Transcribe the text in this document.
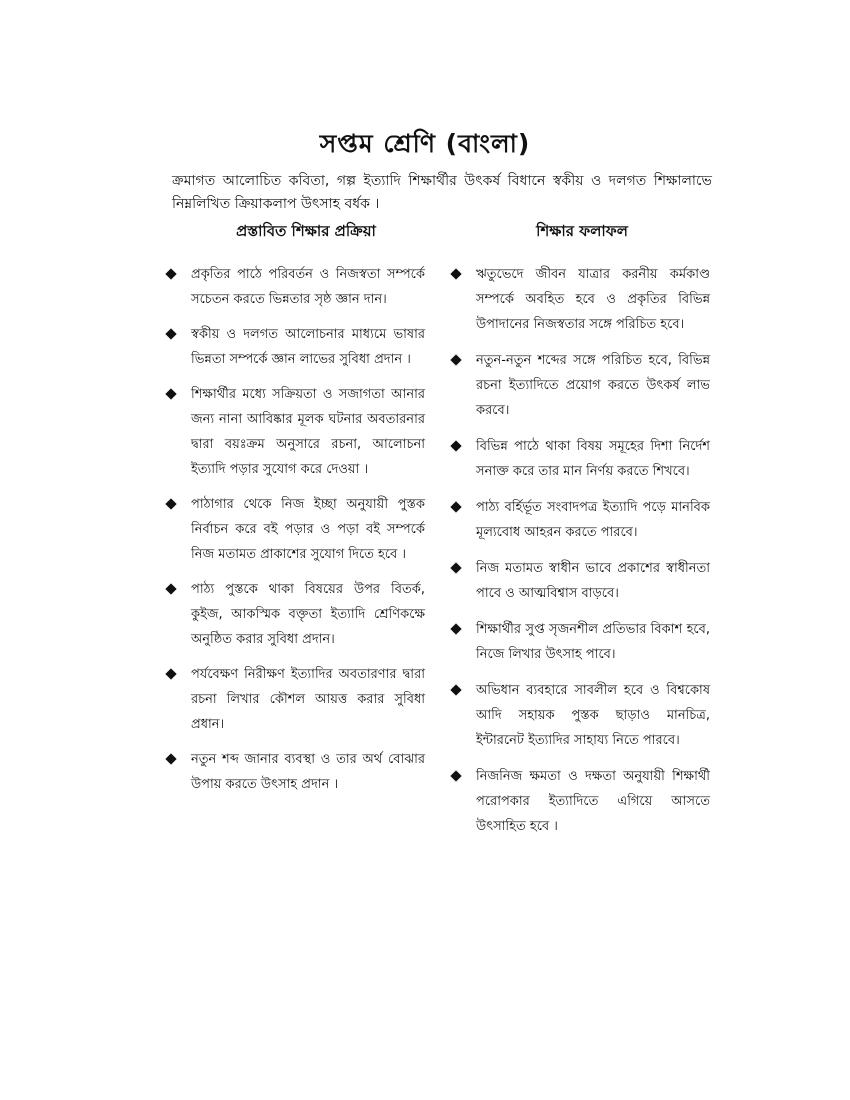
সপ্তম শ্রেণি (বাংলা)
ক্রমাগত আলোচিত কবিতা, গল্প ইত্যাদি শিক্ষার্থীর উৎকর্ষ বিধানে স্বকীয় ও দলগত শিক্ষালাভে নিম্নলিখিত ক্রিয়াকলাপ উৎসাহ বর্ধক ।
প্রস্তাবিত শিক্ষার প্রক্রিয়া	শিক্ষার ফলাফল
প্রকৃতির পাঠে পরিবর্তন ও নিজস্বতা সম্পর্কে সচেতন করতে ভিন্নতার সৃষ্ঠ জ্ঞান দান।
স্বকীয় ও দলগত আলোচনার মাধ্যমে ভাষার ভিন্নতা সম্পর্কে জ্ঞান লাভের সুবিধা প্রদান ।
শিক্ষার্থীর মধ্যে সক্রিয়তা ও সজাগতা আনার জন্য নানা আবিষ্কার মূলক ঘটনার অবতারনার দ্বারা বয়ঃক্রম অনুসারে রচনা, আলোচনা ইত্যাদি পড়ার সুযোগ করে দেওয়া ।
পাঠাগার থেকে নিজ ইচ্ছা অনুযায়ী পুস্তক নির্বাচন করে বই পড়ার ও পড়া বই সম্পর্কে নিজ মতামত প্রাকাশের সুযোগ দিতে হবে ।
পাঠ্য পুস্তকে থাকা বিষয়ের উপর বিতর্ক, কুইজ, আকস্মিক বক্তৃতা ইত্যাদি শ্রেণিকক্ষে অনুষ্ঠিত করার সুবিধা প্রদান।
পর্যবেক্ষণ নিরীক্ষণ ইত্যাদির অবতারণার দ্বারা রচনা লিখার কৌশল আয়ত্ত করার সুবিধা প্রধান।
নতুন শব্দ জানার ব্যবস্থা ও তার অর্থ বোঝার উপায় করতে উৎসাহ প্রদান ।
ঋতুভেদে জীবন যাত্রার করনীয় কর্মকাণ্ড সম্পর্কে অবহিত হবে ও প্রকৃতির বিভিন্ন উপাদানের নিজস্বতার সঙ্গে পরিচিত হবে।
নতুন-নতুন শব্দের সঙ্গে পরিচিত হবে, বিভিন্ন রচনা ইত্যাদিতে প্রয়োগ করতে উৎকর্ষ লাভ করবে।
বিভিন্ন পাঠে থাকা বিষয় সমূহের দিশা নির্দেশ সনাক্ত করে তার মান নির্ণয় করতে শিখবে।
পাঠ্য বর্হির্ভূত সংবাদপত্র ইত্যাদি পড়ে মানবিক মূল্যবোধ আহরন করতে পারবে।
নিজ মতামত স্বাধীন ভাবে প্রকাশের স্বাধীনতা পাবে ও আত্মবিশ্বাস বাড়বে।
শিক্ষার্থীর সুপ্ত সৃজনশীল প্রতিভার বিকাশ হবে, নিজে লিখার উৎসাহ পাবে।
অভিধান ব্যবহারে সাবলীল হবে ও বিশ্বকোষ আদি সহায়ক পুস্তক ছাড়াও মানচিত্র, ইন্টারনেট ইত্যাদির সাহায্য নিতে পারবে।
নিজনিজ ক্ষমতা ও দক্ষতা অনুযায়ী শিক্ষার্থী পরোপকার ইত্যাদিতে এগিয়ে আসতে উৎসাহিত হবে ।
